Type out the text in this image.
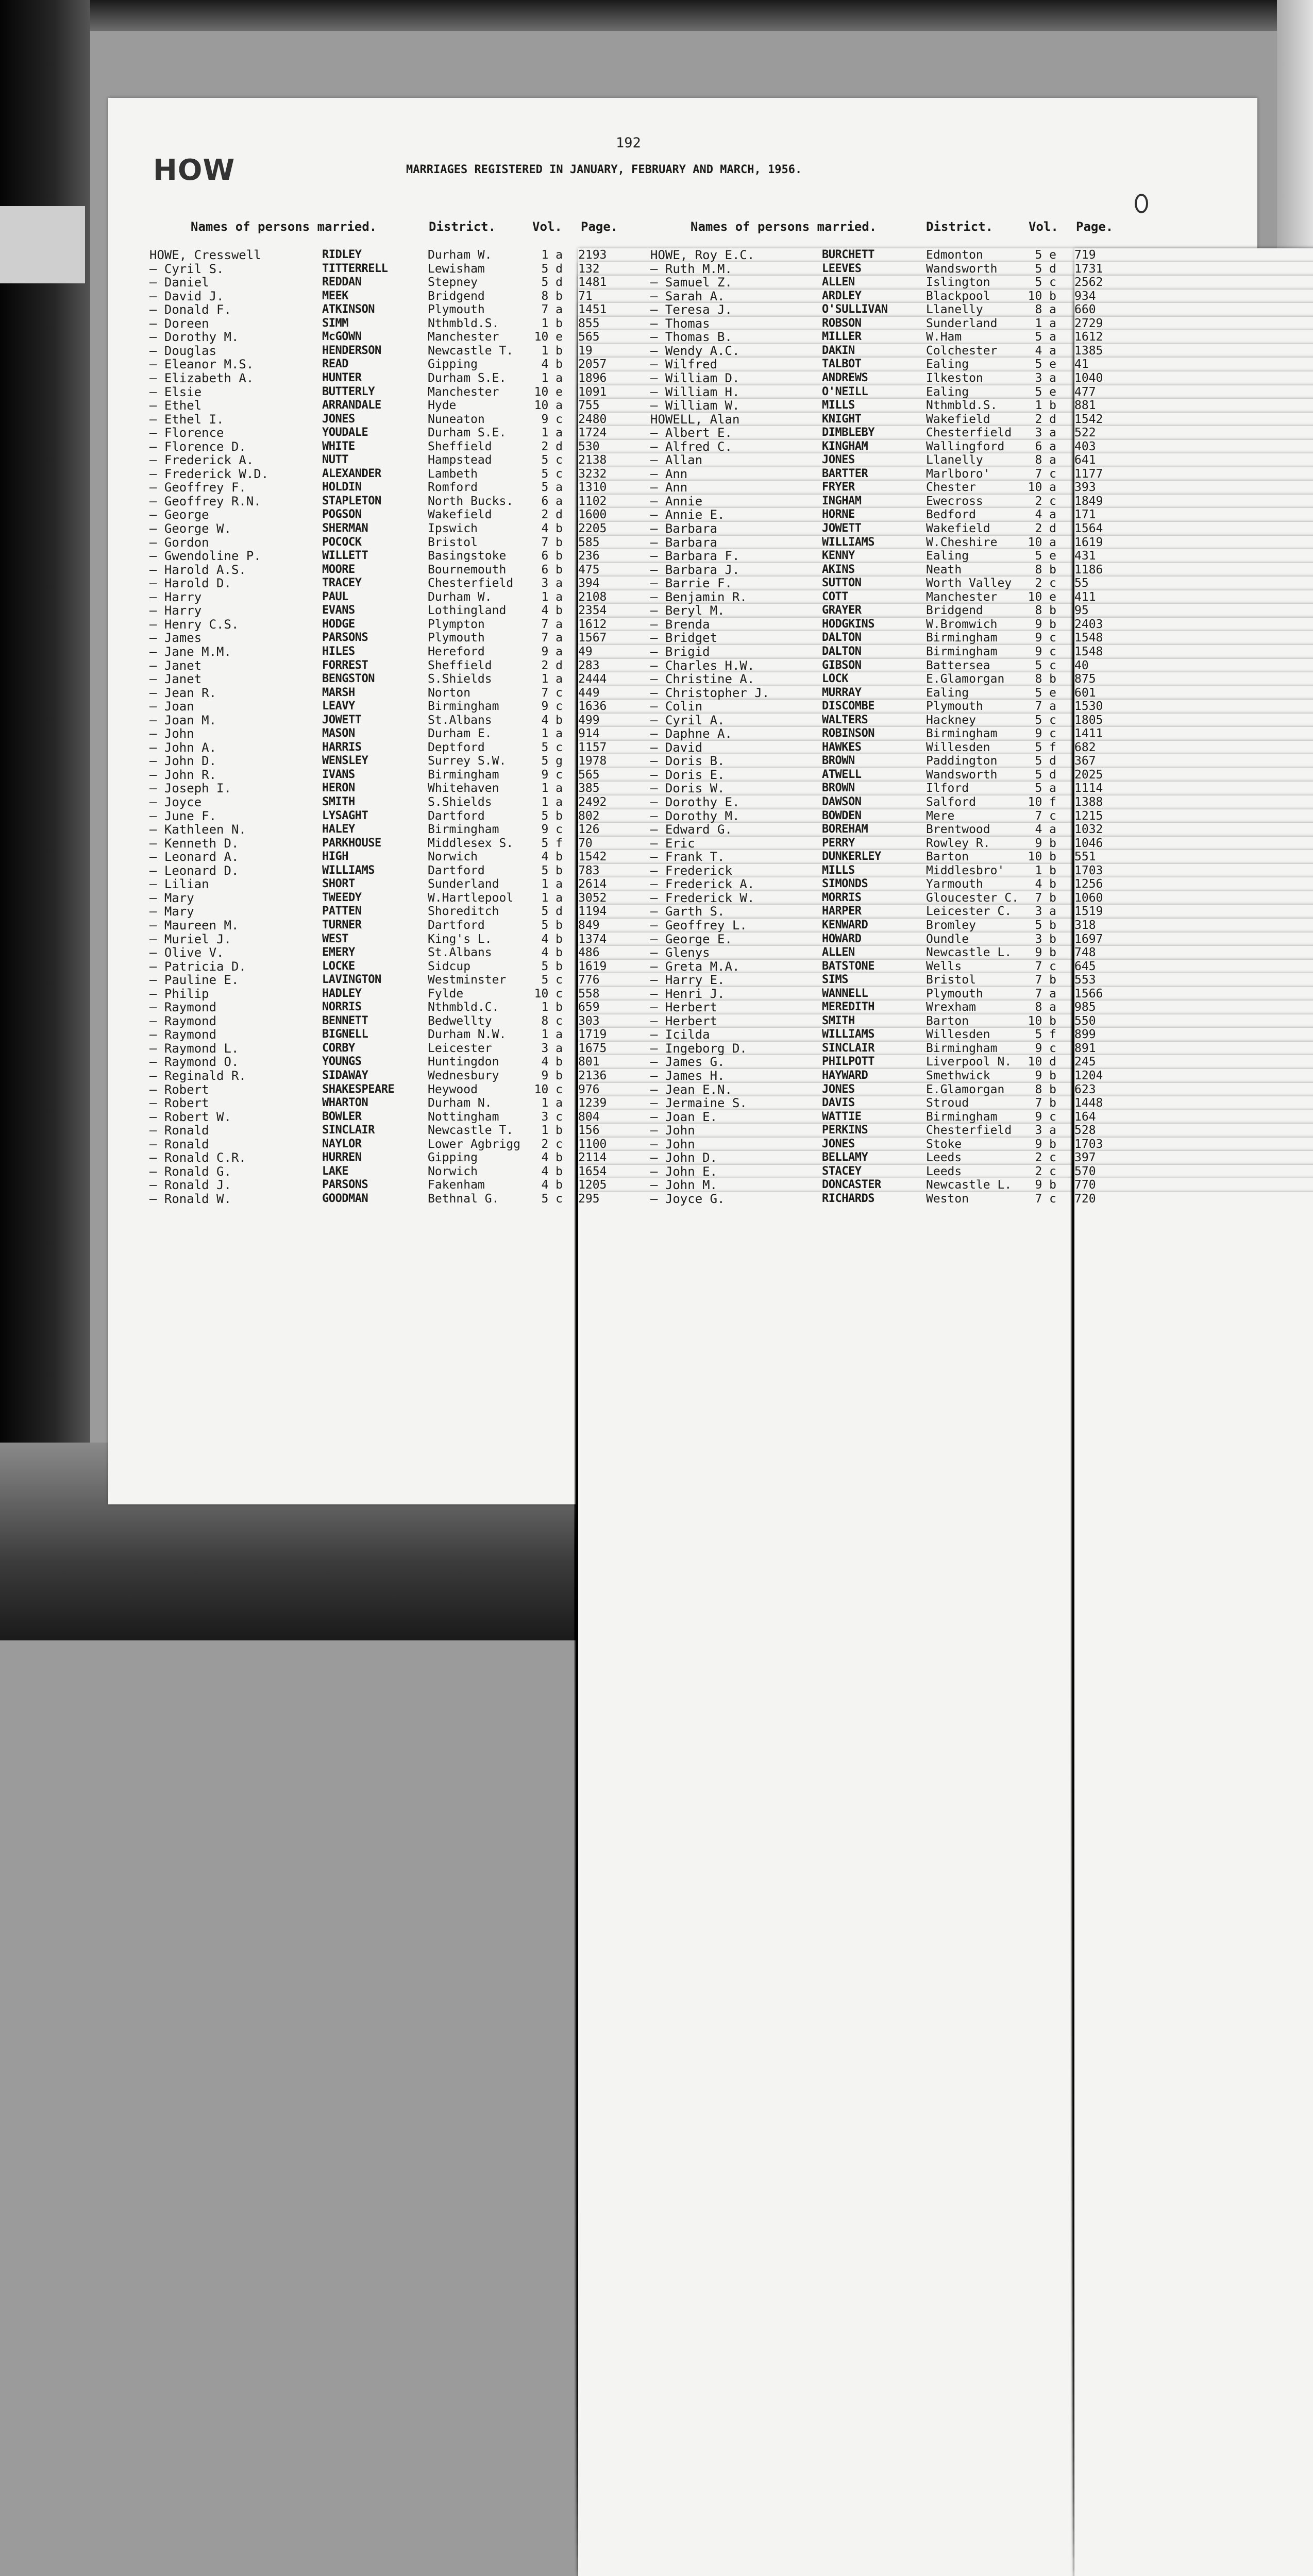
192
HOW	MARRIAGES REGISTERED IN JANUARY, FEBRUARY AND MARCH, 1956.
Names of persons married.	District.	Vol. Page.	Names of persons married.	District.	Vol. Page.
HOWE, Cresswell	RIDLEY	Durham W.	1 a 2193
— Cyril S.	TITTERRELL	Lewisham	5 d 132
— Daniel	REDDAN	Stepney	5 d 1481
— David J.	MEEK	Bridgend	8 b 71
— Donald F.	ATKINSON	Plymouth	7 a 1451
— Doreen	SIMM	Nthmbld.S.	1 b 855
— Dorothy M.	McGOWN	Manchester	10 e 565
— Douglas	HENDERSON	Newcastle T. 1 b 19
— Eleanor M.S.	READ	Gipping	4 b 2057
— Elizabeth A.	HUNTER	Durham S.E.	1 a 1896
— Elsie	BUTTERLY	Manchester	10 e 1091
— Ethel	ARRANDALE	Hyde	10 a 755
— Ethel I.	JONES	Nuneaton	9 c 2480
— Florence	YOUDALE	Durham S.E.	1 a 1724
— Florence D.	WHITE	Sheffield	2 d 530
— Frederick A.	NUTT	Hampstead	5 c 2138
— Frederick W.D.	ALEXANDER	Lambeth	5 c 3232
— Geoffrey F.	HOLDIN	Romford	5 a 1310
— Geoffrey R.N.	STAPLETON	North Bucks. 6 a 1102
— George	POGSON	Wakefield	2 d 1600
— George W.	SHERMAN	Ipswich	4 b 2205
— Gordon	POCOCK	Bristol	7 b 585
— Gwendoline P.	WILLETT	Basingstoke	6 b 236
— Harold A.S.	MOORE	Bournemouth	6 b 475
— Harold D.	TRACEY	Chesterfield 3 a 394
— Harry	PAUL	Durham W.	1 a 2108
— Harry	EVANS	Lothingland	4 b 2354
— Henry C.S.	HODGE	Plympton	7 a 1612
— James	PARSONS	Plymouth	7 a 1567
— Jane M.M.	HILES	Hereford	9 a 49
— Janet	FORREST	Sheffield	2 d 283
— Janet	BENGSTON	S.Shields	1 a 2444
— Jean R.	MARSH	Norton	7 c 449
— Joan	LEAVY	Birmingham	9 c 1636
— Joan M.	JOWETT	St.Albans	4 b 499
— John	MASON	Durham E.	1 a 914
— John A.	HARRIS	Deptford	5 c 1157
— John D.	WENSLEY	Surrey S.W.	5 g 1978
— John R.	IVANS	Birmingham	9 c 565
— Joseph I.	HERON	Whitehaven	1 a 385
— Joyce	SMITH	S.Shields	1 a 2492
— June F.	LYSAGHT	Dartford	5 b 802
— Kathleen N.	HALEY	Birmingham	9 c 126
— Kenneth D.	PARKHOUSE	Middlesex S. 5 f 70
— Leonard A.	HIGH	Norwich	4 b 1542
— Leonard D.	WILLIAMS	Dartford	5 b 783
— Lilian	SHORT	Sunderland	1 a 2614
— Mary	TWEEDY	W.Hartlepool 1 a 3052
— Mary	PATTEN	Shoreditch	5 d 1194
— Maureen M.	TURNER	Dartford	5 b 849
— Muriel J.	WEST	King's L.	4 b 1374
— Olive V.	EMERY	St.Albans	4 b 486
— Patricia D.	LOCKE	Sidcup	5 b 1619
— Pauline E.	LAVINGTON	Westminster	5 c 776
— Philip	HADLEY	Fylde	10 c 558
— Raymond	NORRIS	Nthmbld.C.	1 b 659
— Raymond	BENNETT	Bedwellty	8 c 303
— Raymond	BIGNELL	Durham N.W.	1 a 1719
— Raymond L.	CORBY	Leicester	3 a 1675
— Raymond O.	YOUNGS	Huntingdon	4 b 801
— Reginald R.	SIDAWAY	Wednesbury	9 b 2136
— Robert	SHAKESPEARE	Heywood	10 c 976
— Robert	WHARTON	Durham N.	1 a 1239
— Robert W.	BOWLER	Nottingham	3 c 804
— Ronald	SINCLAIR	Newcastle T. 1 b 156
— Ronald	NAYLOR	Lower Agbrigg 2 c 1100
— Ronald C.R.	HURREN	Gipping	4 b 2114
— Ronald G.	LAKE	Norwich	4 b 1654
— Ronald J.	PARSONS	Fakenham	4 b 1205
— Ronald W.	GOODMAN	Bethnal G.	5 c 295
HOWE, Roy E.C.	BURCHETT	Edmonton	5 e 719
— Ruth M.M.	LEEVES	Wandsworth	5 d 1731
— Samuel Z.	ALLEN	Islington	5 c 2562
— Sarah A.	ARDLEY	Blackpool	10 b 934
— Teresa J.	O'SULLIVAN	Llanelly	8 a 660
— Thomas	ROBSON	Sunderland	1 a 2729
— Thomas B.	MILLER	W.Ham	5 a 1612
— Wendy A.C.	DAKIN	Colchester	4 a 1385
— Wilfred	TALBOT	Ealing	5 e 41
— William D.	ANDREWS	Ilkeston	3 a 1040
— William H.	O'NEILL	Ealing	5 e 477
— William W.	MILLS	Nthmbld.S.	1 b 881
HOWELL, Alan	KNIGHT	Wakefield	2 d 1542
— Albert E.	DIMBLEBY	Chesterfield 3 a 522
— Alfred C.	KINGHAM	Wallingford	6 a 403
— Allan	JONES	Llanelly	8 a 641
— Ann	BARTTER	Marlboro'	7 c 1177
— Ann	FRYER	Chester	10 a 393
— Annie	INGHAM	Ewecross	2 c 1849
— Annie E.	HORNE	Bedford	4 a 171
— Barbara	JOWETT	Wakefield	2 d 1564
— Barbara	WILLIAMS	W.Cheshire	10 a 1619
— Barbara F.	KENNY	Ealing	5 e 431
— Barbara J.	AKINS	Neath	8 b 1186
— Barrie F.	SUTTON	Worth Valley 2 c 55
— Benjamin R.	COTT	Manchester	10 e 411
— Beryl M.	GRAYER	Bridgend	8 b 95
— Brenda	HODGKINS	W.Bromwich	9 b 2403
— Bridget	DALTON	Birmingham	9 c 1548
— Brigid	DALTON	Birmingham	9 c 1548
— Charles H.W.	GIBSON	Battersea	5 c 40
— Christine A.	LOCK	E.Glamorgan	8 b 875
— Christopher J.	MURRAY	Ealing	5 e 601
— Colin	DISCOMBE	Plymouth	7 a 1530
— Cyril A.	WALTERS	Hackney	5 c 1805
— Daphne A.	ROBINSON	Birmingham	9 c 1411
— David	HAWKES	Willesden	5 f 682
— Doris B.	BROWN	Paddington	5 d 367
— Doris E.	ATWELL	Wandsworth	5 d 2025
— Doris W.	BROWN	Ilford	5 a 1114
— Dorothy E.	DAWSON	Salford	10 f 1388
— Dorothy M.	BOWDEN	Mere	7 c 1215
— Edward G.	BOREHAM	Brentwood	4 a 1032
— Eric	PERRY	Rowley R.	9 b 1046
— Frank T.	DUNKERLEY	Barton	10 b 551
— Frederick	MILLS	Middlesbro'	1 b 1703
— Frederick A.	SIMONDS	Yarmouth	4 b 1256
— Frederick W.	MORRIS	Gloucester C. 7 b 1060
— Garth S.	HARPER	Leicester C. 3 a 1519
— Geoffrey L.	KENWARD	Bromley	5 b 318
— George E.	HOWARD	Oundle	3 b 1697
— Glenys	ALLEN	Newcastle L. 9 b 748
— Greta M.A.	BATSTONE	Wells	7 c 645
— Harry E.	SIMS	Bristol	7 b 553
— Henri J.	WANNELL	Plymouth	7 a 1566
— Herbert	MEREDITH	Wrexham	8 a 985
— Herbert	SMITH	Barton	10 b 550
— Icilda	WILLIAMS	Willesden	5 f 899
— Ingeborg D.	SINCLAIR	Birmingham	9 c 891
— James G.	PHILPOTT	Liverpool N. 10 d 245
— James H.	HAYWARD	Smethwick	9 b 1204
— Jean E.N.	JONES	E.Glamorgan	8 b 623
— Jermaine S.	DAVIS	Stroud	7 b 1448
— Joan E.	WATTIE	Birmingham	9 c 164
— John	PERKINS	Chesterfield 3 a 528
— John	JONES	Stoke	9 b 1703
— John D.	BELLAMY	Leeds	2 c 397
— John E.	STACEY	Leeds	2 c 570
— John M.	DONCASTER	Newcastle L. 9 b 770
— Joyce G.	RICHARDS	Weston	7 c 720
